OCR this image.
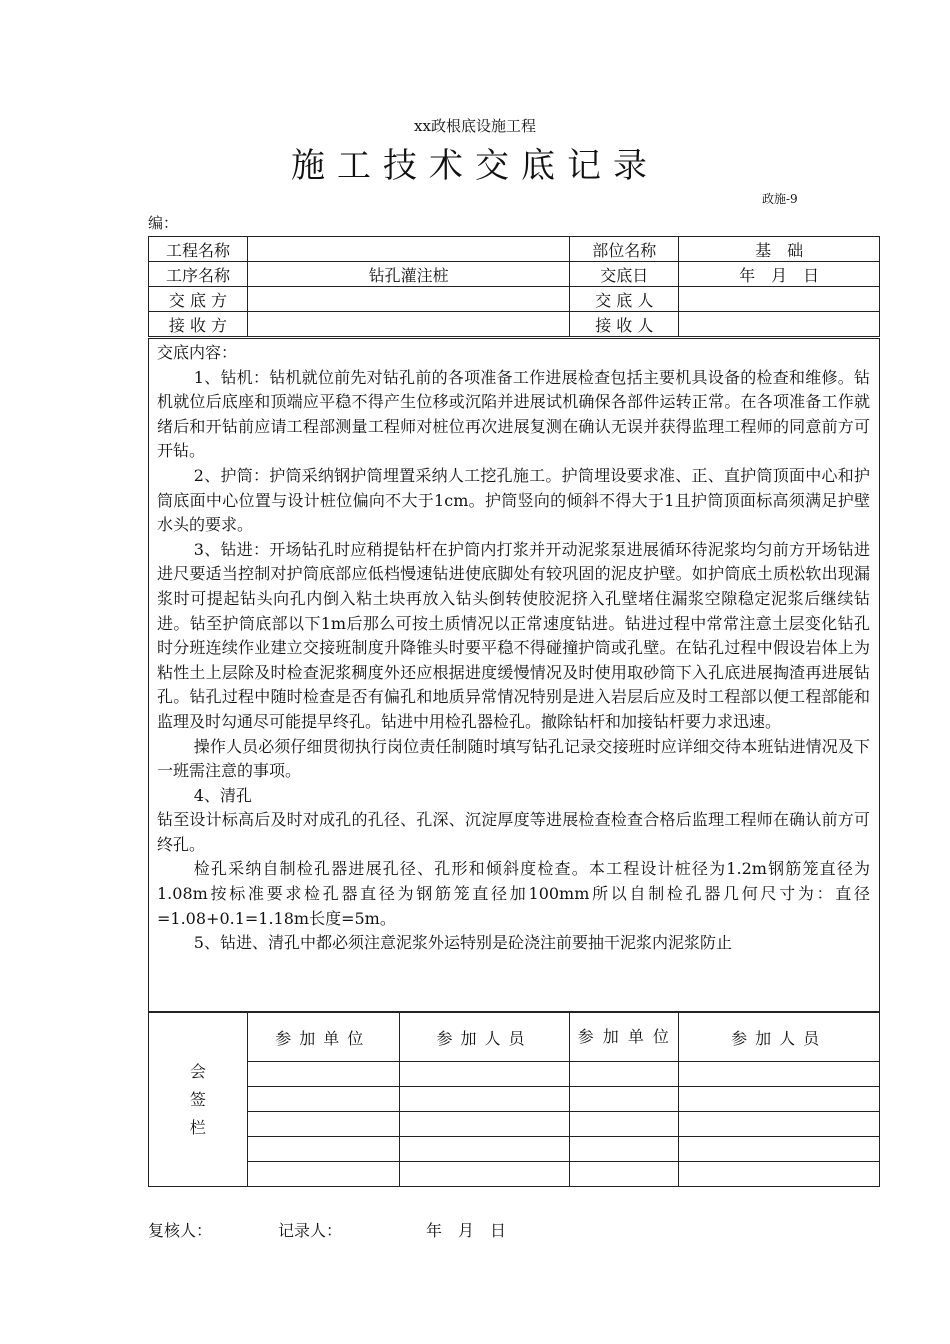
xx政根底设施工程
施工技术交底记录
政施-9
编：
工程名称		部位名称	基　础
工序名称	钻孔灌注桩	交底日	年　月　日
交 底 方		交 底 人	
接 收 方		接 收 人	

交底内容：

1、钻机：钻机就位前先对钻孔前的各项准备工作进展检查包括主要机具设备的检查和维修。钻机就位后底座和顶端应平稳不得产生位移或沉陷并进展试机确保各部件运转正常。在各项准备工作就绪后和开钻前应请工程部测量工程师对桩位再次进展复测在确认无误并获得监理工程师的同意前方可开钻。

2、护筒：护筒采纳钢护筒埋置采纳人工挖孔施工。护筒埋设要求准、正、直护筒顶面中心和护筒底面中心位置与设计桩位偏向不大于1cm。护筒竖向的倾斜不得大于1且护筒顶面标高须满足护壁水头的要求。

3、钻进：开场钻孔时应稍提钻杆在护筒内打浆并开动泥浆泵进展循环待泥浆均匀前方开场钻进进尺要适当控制对护筒底部应低档慢速钻进使底脚处有较巩固的泥皮护壁。如护筒底土质松软出现漏浆时可提起钻头向孔内倒入粘土块再放入钻头倒转使胶泥挤入孔壁堵住漏浆空隙稳定泥浆后继续钻进。钻至护筒底部以下1m后那么可按土质情况以正常速度钻进。钻进过程中常常注意土层变化钻孔时分班连续作业建立交接班制度升降锥头时要平稳不得碰撞护筒或孔壁。在钻孔过程中假设岩体上为粘性土上层除及时检查泥浆稠度外还应根据进度缓慢情况及时使用取砂筒下入孔底进展掏渣再进展钻孔。钻孔过程中随时检查是否有偏孔和地质异常情况特别是进入岩层后应及时工程部以便工程部能和监理及时勾通尽可能提早终孔。钻进中用检孔器检孔。撤除钻杆和加接钻杆要力求迅速。

操作人员必须仔细贯彻执行岗位责任制随时填写钻孔记录交接班时应详细交待本班钻进情况及下一班需注意的事项。

4、清孔

钻至设计标高后及时对成孔的孔径、孔深、沉淀厚度等进展检查检查合格后监理工程师在确认前方可终孔。

检孔采纳自制检孔器进展孔径、孔形和倾斜度检查。本工程设计桩径为1.2m钢筋笼直径为1.08m按标准要求检孔器直径为钢筋笼直径加100mm所以自制检孔器几何尺寸为：直径=1.08+0.1=1.18m长度=5m。

5、钻进、清孔中都必须注意泥浆外运特别是砼浇注前要抽干泥浆内泥浆防止

会签栏	参加单位	参加人员	参 加 单 位	参加人员

复核人：	记录人：	年　月　日
